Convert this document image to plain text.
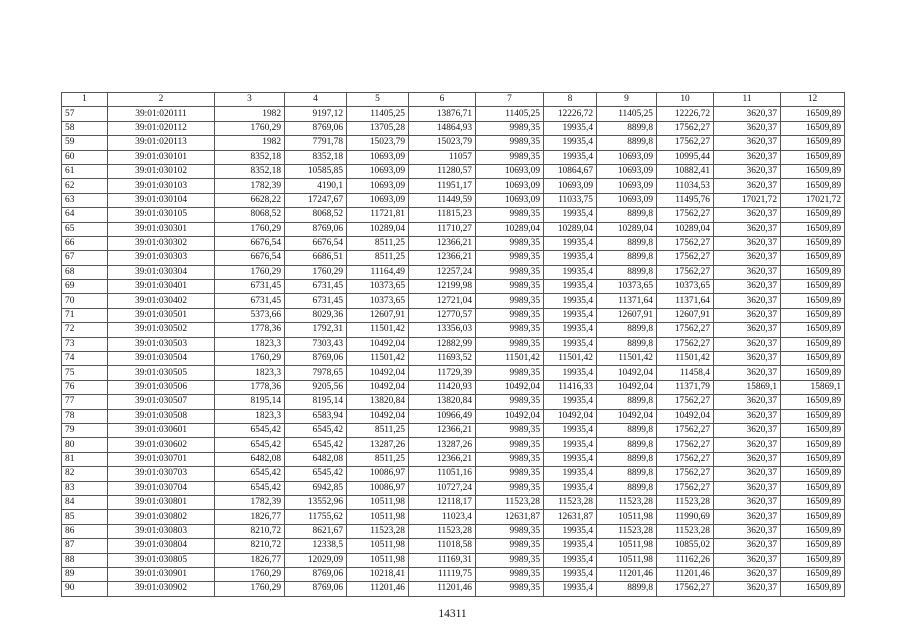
1	2	3	4	5	6	7	8	9	10	11	12
57	39:01:020111	1982	9197,12	11405,25	13876,71	11405,25	12226,72	11405,25	12226,72	3620,37	16509,89
58	39:01:020112	1760,29	8769,06	13705,28	14864,93	9989,35	19935,4	8899,8	17562,27	3620,37	16509,89
59	39:01:020113	1982	7791,78	15023,79	15023,79	9989,35	19935,4	8899,8	17562,27	3620,37	16509,89
60	39:01:030101	8352,18	8352,18	10693,09	11057	9989,35	19935,4	10693,09	10995,44	3620,37	16509,89
61	39:01:030102	8352,18	10585,85	10693,09	11280,57	10693,09	10864,67	10693,09	10882,41	3620,37	16509,89
62	39:01:030103	1782,39	4190,1	10693,09	11951,17	10693,09	10693,09	10693,09	11034,53	3620,37	16509,89
63	39:01:030104	6628,22	17247,67	10693,09	11449,59	10693,09	11033,75	10693,09	11495,76	17021,72	17021,72
64	39:01:030105	8068,52	8068,52	11721,81	11815,23	9989,35	19935,4	8899,8	17562,27	3620,37	16509,89
65	39:01:030301	1760,29	8769,06	10289,04	11710,27	10289,04	10289,04	10289,04	10289,04	3620,37	16509,89
66	39:01:030302	6676,54	6676,54	8511,25	12366,21	9989,35	19935,4	8899,8	17562,27	3620,37	16509,89
67	39:01:030303	6676,54	6686,51	8511,25	12366,21	9989,35	19935,4	8899,8	17562,27	3620,37	16509,89
68	39:01:030304	1760,29	1760,29	11164,49	12257,24	9989,35	19935,4	8899,8	17562,27	3620,37	16509,89
69	39:01:030401	6731,45	6731,45	10373,65	12199,98	9989,35	19935,4	10373,65	10373,65	3620,37	16509,89
70	39:01:030402	6731,45	6731,45	10373,65	12721,04	9989,35	19935,4	11371,64	11371,64	3620,37	16509,89
71	39:01:030501	5373,66	8029,36	12607,91	12770,57	9989,35	19935,4	12607,91	12607,91	3620,37	16509,89
72	39:01:030502	1778,36	1792,31	11501,42	13356,03	9989,35	19935,4	8899,8	17562,27	3620,37	16509,89
73	39:01:030503	1823,3	7303,43	10492,04	12882,99	9989,35	19935,4	8899,8	17562,27	3620,37	16509,89
74	39:01:030504	1760,29	8769,06	11501,42	11693,52	11501,42	11501,42	11501,42	11501,42	3620,37	16509,89
75	39:01:030505	1823,3	7978,65	10492,04	11729,39	9989,35	19935,4	10492,04	11458,4	3620,37	16509,89
76	39:01:030506	1778,36	9205,56	10492,04	11420,93	10492,04	11416,33	10492,04	11371,79	15869,1	15869,1
77	39:01:030507	8195,14	8195,14	13820,84	13820,84	9989,35	19935,4	8899,8	17562,27	3620,37	16509,89
78	39:01:030508	1823,3	6583,94	10492,04	10966,49	10492,04	10492,04	10492,04	10492,04	3620,37	16509,89
79	39:01:030601	6545,42	6545,42	8511,25	12366,21	9989,35	19935,4	8899,8	17562,27	3620,37	16509,89
80	39:01:030602	6545,42	6545,42	13287,26	13287,26	9989,35	19935,4	8899,8	17562,27	3620,37	16509,89
81	39:01:030701	6482,08	6482,08	8511,25	12366,21	9989,35	19935,4	8899,8	17562,27	3620,37	16509,89
82	39:01:030703	6545,42	6545,42	10086,97	11051,16	9989,35	19935,4	8899,8	17562,27	3620,37	16509,89
83	39:01:030704	6545,42	6942,85	10086,97	10727,24	9989,35	19935,4	8899,8	17562,27	3620,37	16509,89
84	39:01:030801	1782,39	13552,96	10511,98	12118,17	11523,28	11523,28	11523,28	11523,28	3620,37	16509,89
85	39:01:030802	1826,77	11755,62	10511,98	11023,4	12631,87	12631,87	10511,98	11990,69	3620,37	16509,89
86	39:01:030803	8210,72	8621,67	11523,28	11523,28	9989,35	19935,4	11523,28	11523,28	3620,37	16509,89
87	39:01:030804	8210,72	12338,5	10511,98	11018,58	9989,35	19935,4	10511,98	10855,02	3620,37	16509,89
88	39:01:030805	1826,77	12029,09	10511,98	11169,31	9989,35	19935,4	10511,98	11162,26	3620,37	16509,89
89	39:01:030901	1760,29	8769,06	10218,41	11119,75	9989,35	19935,4	11201,46	11201,46	3620,37	16509,89
90	39:01:030902	1760,29	8769,06	11201,46	11201,46	9989,35	19935,4	8899,8	17562,27	3620,37	16509,89
14311
